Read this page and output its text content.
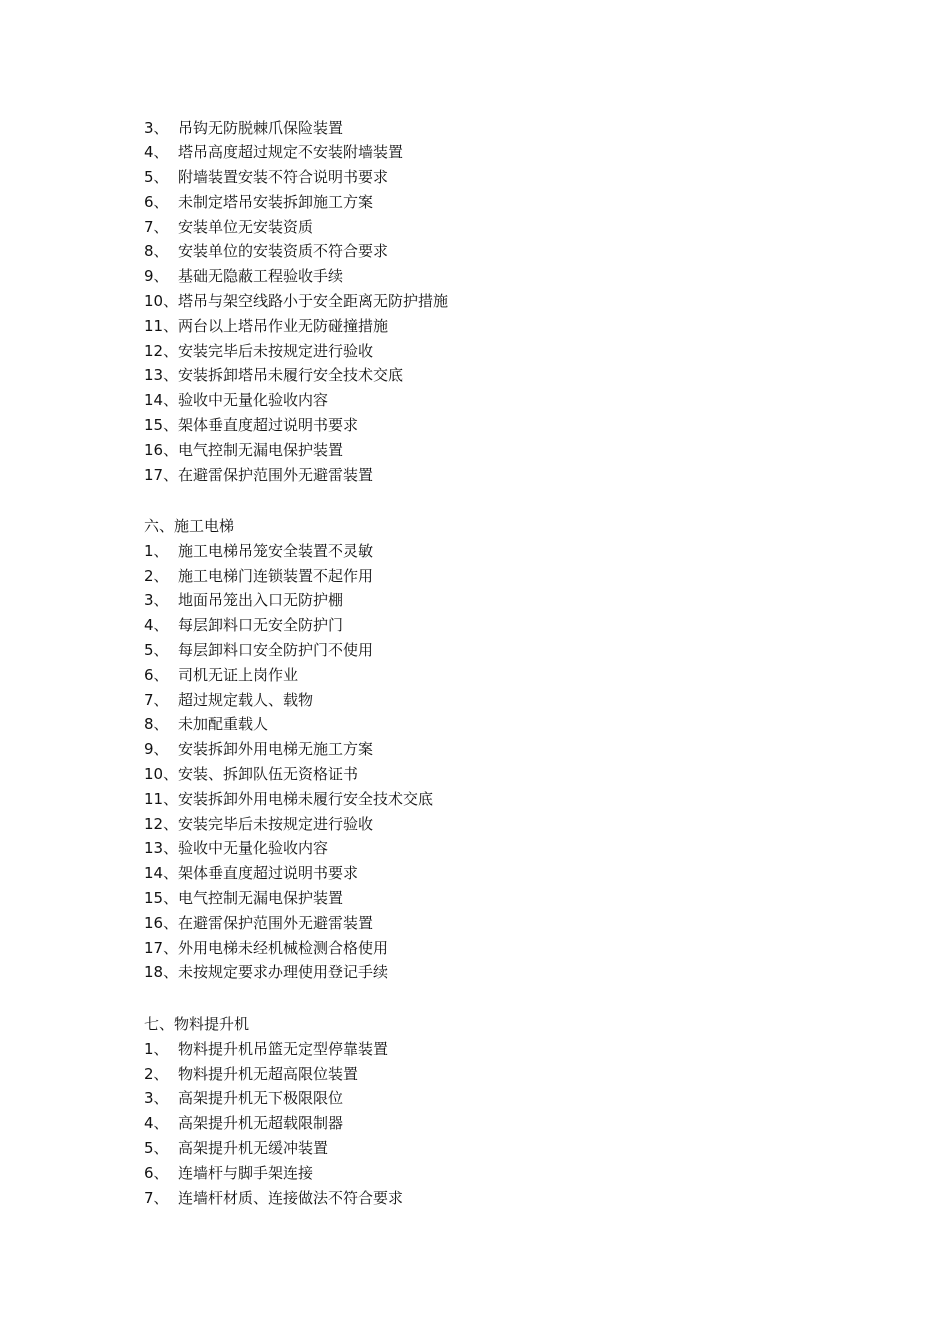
3、 吊钩无防脱棘爪保险装置
4、 塔吊高度超过规定不安装附墙装置
5、 附墙装置安装不符合说明书要求
6、 未制定塔吊安装拆卸施工方案
7、 安装单位无安装资质
8、 安装单位的安装资质不符合要求
9、 基础无隐蔽工程验收手续
10、塔吊与架空线路小于安全距离无防护措施
11、两台以上塔吊作业无防碰撞措施
12、安装完毕后未按规定进行验收
13、安装拆卸塔吊未履行安全技术交底
14、验收中无量化验收内容
15、架体垂直度超过说明书要求
16、电气控制无漏电保护装置
17、在避雷保护范围外无避雷装置
六、施工电梯
1、 施工电梯吊笼安全装置不灵敏
2、 施工电梯门连锁装置不起作用
3、 地面吊笼出入口无防护棚
4、 每层卸料口无安全防护门
5、 每层卸料口安全防护门不使用
6、 司机无证上岗作业
7、 超过规定载人、载物
8、 未加配重载人
9、 安装拆卸外用电梯无施工方案
10、安装、拆卸队伍无资格证书
11、安装拆卸外用电梯未履行安全技术交底
12、安装完毕后未按规定进行验收
13、验收中无量化验收内容
14、架体垂直度超过说明书要求
15、电气控制无漏电保护装置
16、在避雷保护范围外无避雷装置
17、外用电梯未经机械检测合格使用
18、未按规定要求办理使用登记手续
七、物料提升机
1、 物料提升机吊篮无定型停靠装置
2、 物料提升机无超高限位装置
3、 高架提升机无下极限限位
4、 高架提升机无超载限制器
5、 高架提升机无缓冲装置
6、 连墙杆与脚手架连接
7、 连墙杆材质、连接做法不符合要求
